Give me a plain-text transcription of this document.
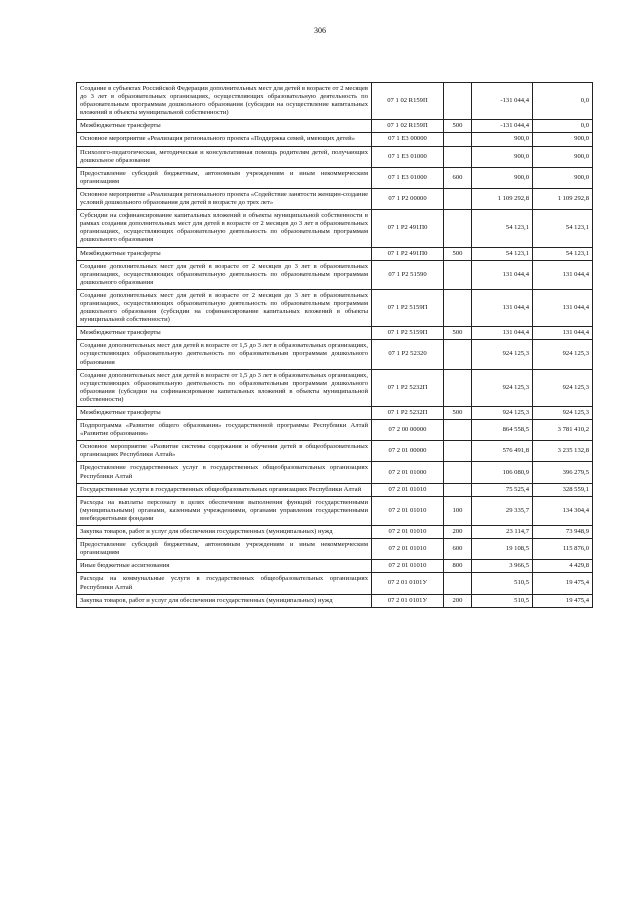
306
Создание в субъектах Российской Федерации дополнительных мест для детей в возрасте от 2 месяцев до 3 лет в образовательных организациях, осуществляющих образовательную деятельность по образовательным программам дошкольного образования (субсидии на осуществление капитальных вложений в объекты муниципальной собственности)	07 1 02 R159П		-131 044,4	0,0
Межбюджетные трансферты	07 1 02 R159П	500	-131 044,4	0,0
Основное мероприятие «Реализация регионального проекта «Поддержка семей, имеющих детей»	07 1 Е3 00000		900,0	900,0
Психолого-педагогическая, методическая и консультативная помощь родителям детей, получающих дошкольное образование	07 1 Е3 01000		900,0	900,0
Предоставление субсидий бюджетным, автономным учреждениям и иным некоммерческим организациям	07 1 Е3 01000	600	900,0	900,0
Основное мероприятие «Реализация регионального проекта «Содействие занятости женщин-создание условий дошкольного образования для детей в возрасте до трех лет»	07 1 Р2 00000		1 109 292,8	1 109 292,8
Субсидии на софинансирование капитальных вложений в объекты муниципальной собственности в рамках создания дополнительных мест для детей в возрасте от 2 месяцев до 3 лет в образовательных организациях, осуществляющих образовательную деятельность по образовательным программам дошкольного образования	07 1 Р2 491П0		54 123,1	54 123,1
Межбюджетные трансферты	07 1 Р2 491П0	500	54 123,1	54 123,1
Создание дополнительных мест для детей в возрасте от 2 месяцев до 3 лет в образовательных организациях, осуществляющих образовательную деятельность по образовательным программам дошкольного образования	07 1 Р2 51590		131 044,4	131 044,4
Создание дополнительных мест для детей в возрасте от 2 месяцев до 3 лет в образовательных организациях, осуществляющих образовательную деятельность по образовательным программам дошкольного образования (субсидии на софинансирование капитальных вложений в объекты муниципальной собственности)	07 1 Р2 5159П		131 044,4	131 044,4
Межбюджетные трансферты	07 1 Р2 5159П	500	131 044,4	131 044,4
Создание дополнительных мест для детей в возрасте от 1,5 до 3 лет в образовательных организациях, осуществляющих образовательную деятельность по образовательным программам дошкольного образования	07 1 Р2 52320		924 125,3	924 125,3
Создание дополнительных мест для детей в возрасте от 1,5 до 3 лет в образовательных организациях, осуществляющих образовательную деятельность по образовательным программам дошкольного образования (субсидии на софинансирование капитальных вложений в объекты муниципальной собственности)	07 1 Р2 5232П		924 125,3	924 125,3
Межбюджетные трансферты	07 1 Р2 5232П	500	924 125,3	924 125,3
Подпрограмма «Развитие общего образования» государственной программы Республики Алтай «Развитие образования»	07 2 00 00000		864 558,5	3 781 410,2
Основное мероприятие «Развитие системы содержания и обучения детей в общеобразовательных организациях Республики Алтай»	07 2 01 00000		576 491,8	3 235 132,8
Предоставление государственных услуг в государственных общеобразовательных организациях Республики Алтай	07 2 01 01000		106 080,9	396 279,5
Государственные услуги в государственных общеобразовательных организациях Республики Алтай	07 2 01 01010		75 525,4	328 559,1
Расходы на выплаты персоналу в целях обеспечения выполнения функций государственными (муниципальными) органами, казенными учреждениями, органами управления государственными внебюджетными фондами	07 2 01 01010	100	29 335,7	134 304,4
Закупка товаров, работ и услуг для обеспечения государственных (муниципальных) нужд	07 2 01 01010	200	23 114,7	73 948,9
Предоставление субсидий бюджетным, автономным учреждениям и иным некоммерческим организациям	07 2 01 01010	600	19 108,5	115 876,0
Иные бюджетные ассигнования	07 2 01 01010	800	3 966,5	4 429,8
Расходы на коммунальные услуги в государственных общеобразовательных организациях Республики Алтай	07 2 01 0101У		510,5	19 475,4
Закупка товаров, работ и услуг для обеспечения государственных (муниципальных) нужд	07 2 01 0101У	200	510,5	19 475,4
